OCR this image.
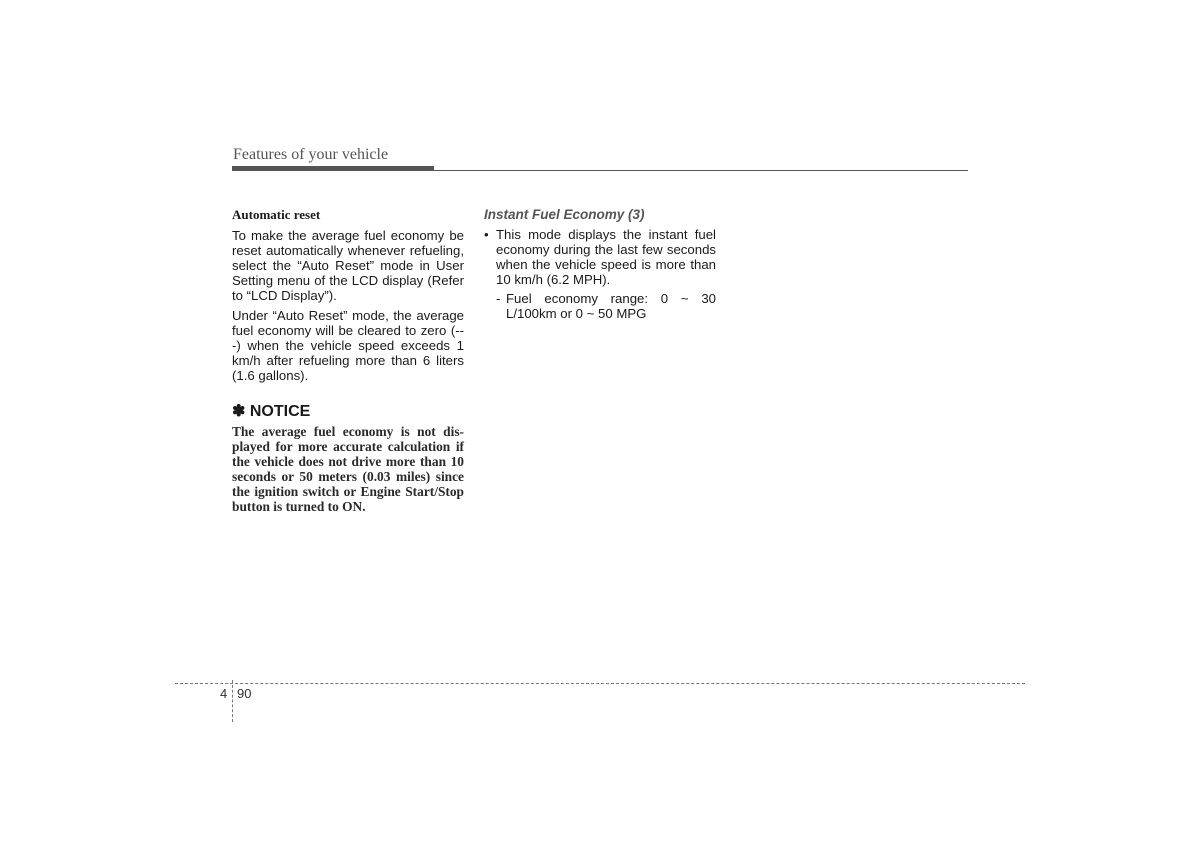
Features of your vehicle

Automatic reset

To make the average fuel economy be reset automatically whenever refueling, select the “Auto Reset” mode in User Setting menu of the LCD display (Refer to “LCD Display”).

Under “Auto Reset” mode, the average fuel economy will be cleared to zero (---) when the vehicle speed exceeds 1 km/h after refueling more than 6 liters (1.6 gallons).

✽ NOTICE

The average fuel economy is not displayed for more accurate calculation if the vehicle does not drive more than 10 seconds or 50 meters (0.03 miles) since the ignition switch or Engine Start/Stop button is turned to ON.

Instant Fuel Economy (3)

• This mode displays the instant fuel economy during the last few seconds when the vehicle speed is more than 10 km/h (6.2 MPH).
- Fuel economy range: 0 ~ 30 L/100km or 0 ~ 50 MPG
4 90
